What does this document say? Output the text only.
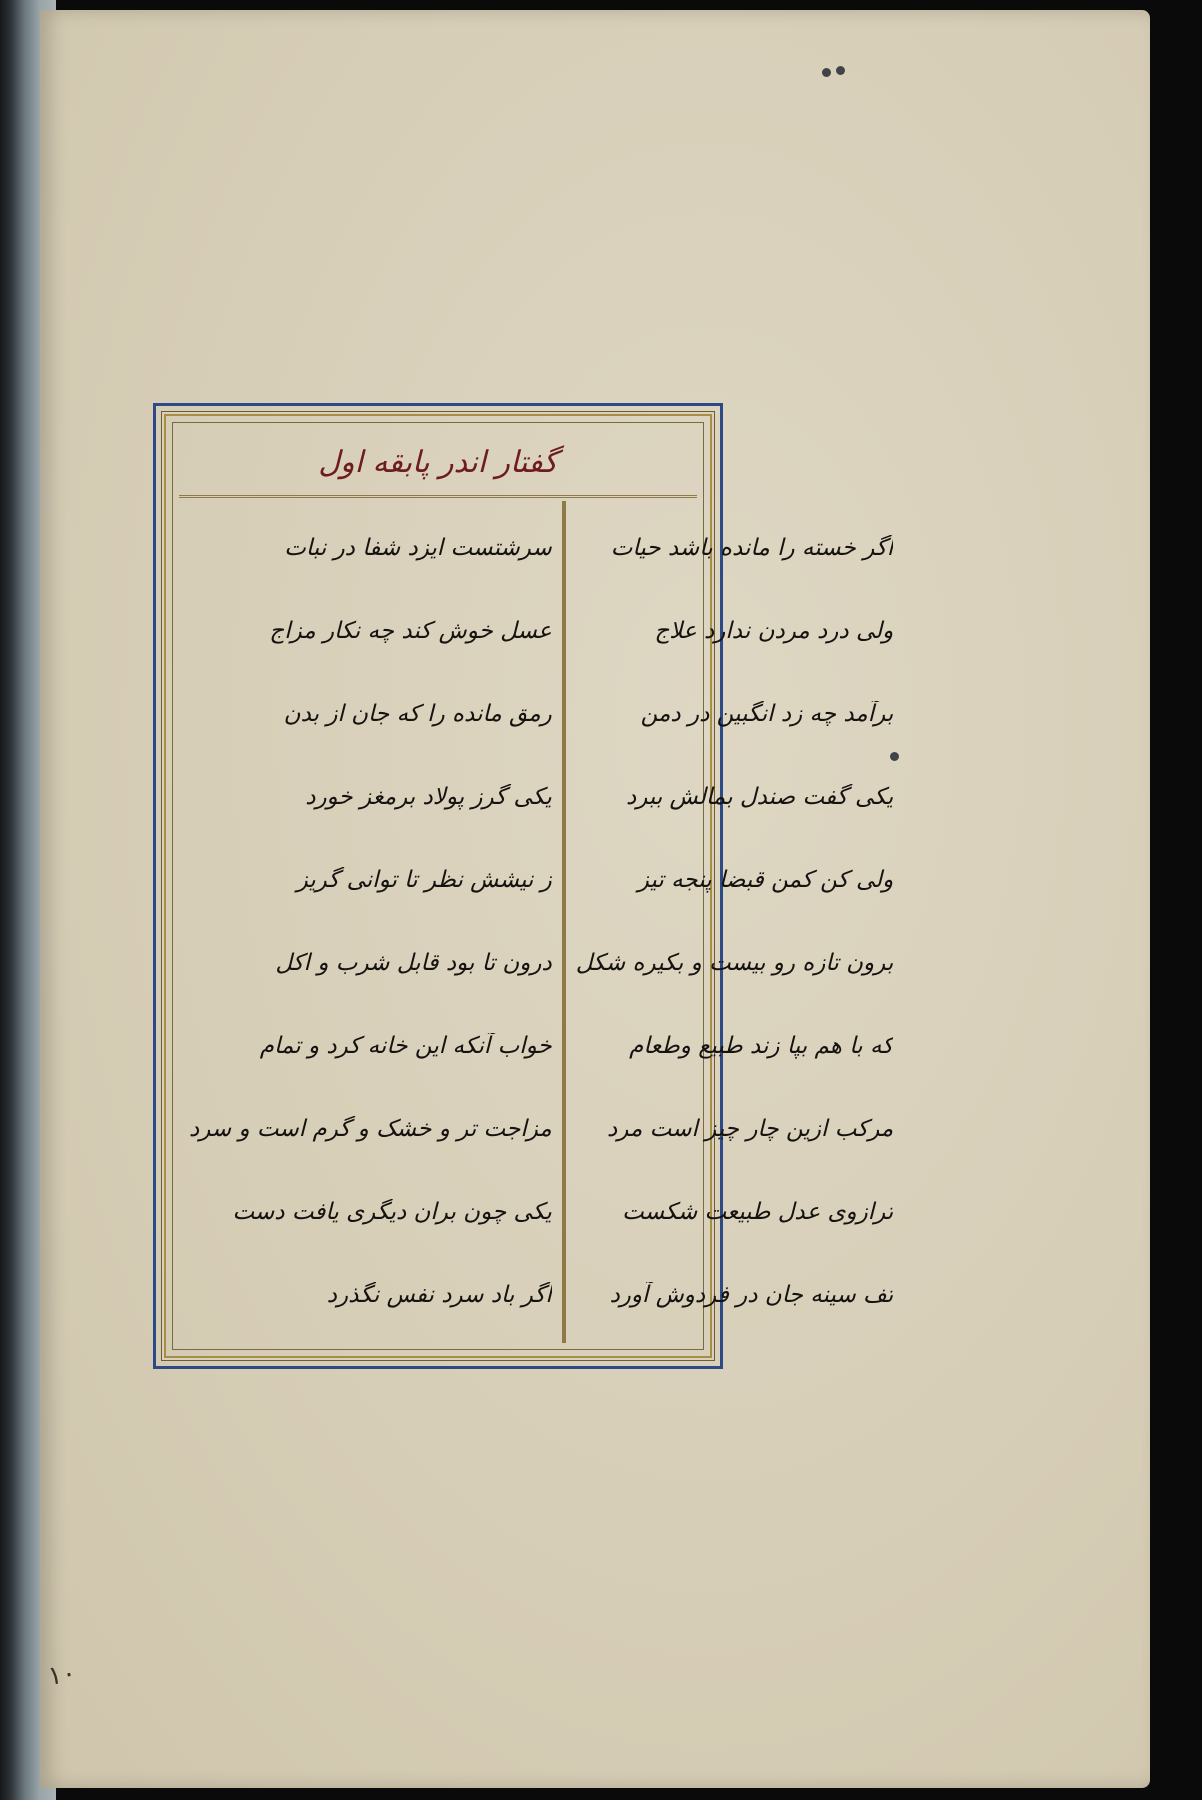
۱۰
گفتار اندر پابقه اول
سرشتست ایزد شفا در نبات
عسل خوش کند چه نکار مزاج
رمق مانده را که جان از بدن
یکی گرز پولاد برمغز خورد
ز نیشش نظر تا توانی گریز
درون تا بود قابل شرب و اکل
خواب آنکه این خانه کرد و تمام
مزاجت تر و خشک و گرم است و سرد
یکی چون بران دیگری یافت دست
اگر باد سرد نفس نگذرد
اگر خسته را مانده باشد حیات
ولی درد مردن ندارد علاج
برآمد چه زد انگبین در دمن
یکی گفت صندل بمالش ببرد
ولی کن کمن قبضا پنجه تیز
برون تازه رو بیست و بکیره شکل
که با هم بپا زند طبیع وطعام
مرکب ازین چار چیز است مرد
ترازوی عدل طبیعت شکست
تف سینه جان در فردوش آورد
